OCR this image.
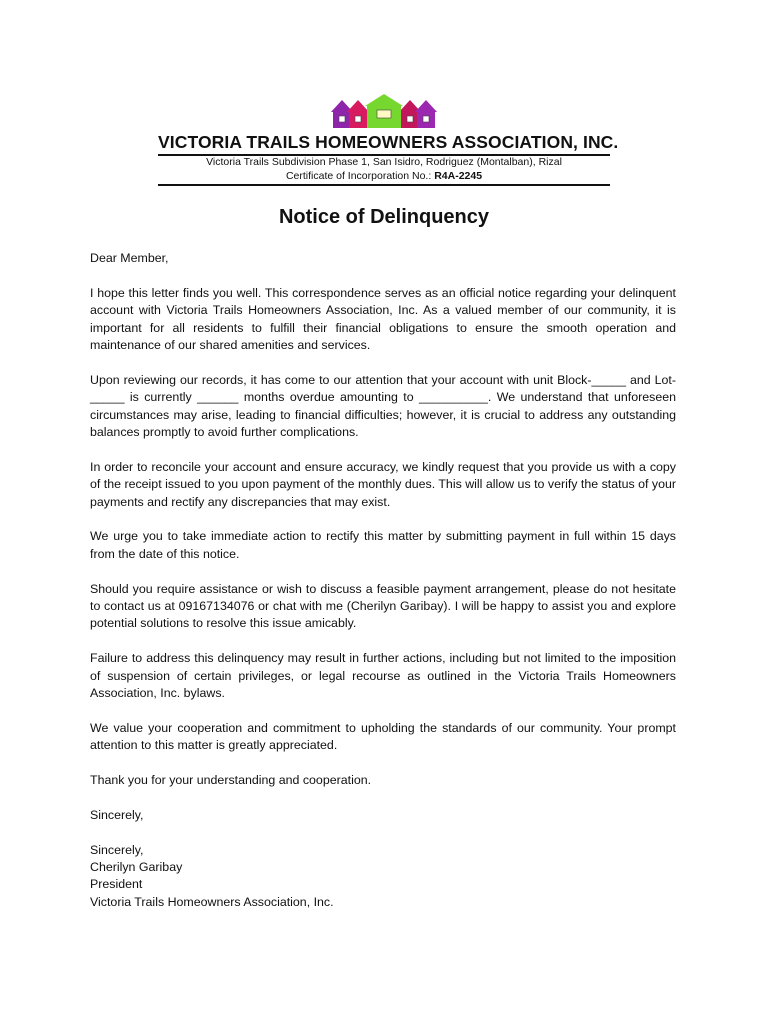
VICTORIA TRAILS HOMEOWNERS ASSOCIATION, INC.
Victoria Trails Subdivision Phase 1, San Isidro, Rodriguez (Montalban), Rizal
Certificate of Incorporation No.: R4A-2245
Notice of Delinquency

Dear Member,

I hope this letter finds you well. This correspondence serves as an official notice regarding your delinquent account with Victoria Trails Homeowners Association, Inc. As a valued member of our community, it is important for all residents to fulfill their financial obligations to ensure the smooth operation and maintenance of our shared amenities and services.

Upon reviewing our records, it has come to our attention that your account with unit Block-_____ and Lot-_____ is currently ______ months overdue amounting to __________. We understand that unforeseen circumstances may arise, leading to financial difficulties; however, it is crucial to address any outstanding balances promptly to avoid further complications.

In order to reconcile your account and ensure accuracy, we kindly request that you provide us with a copy of the receipt issued to you upon payment of the monthly dues. This will allow us to verify the status of your payments and rectify any discrepancies that may exist.

We urge you to take immediate action to rectify this matter by submitting payment in full within 15 days from the date of this notice.

Should you require assistance or wish to discuss a feasible payment arrangement, please do not hesitate to contact us at 09167134076 or chat with me (Cherilyn Garibay). I will be happy to assist you and explore potential solutions to resolve this issue amicably.

Failure to address this delinquency may result in further actions, including but not limited to the imposition of suspension of certain privileges, or legal recourse as outlined in the Victoria Trails Homeowners Association, Inc. bylaws.

We value your cooperation and commitment to upholding the standards of our community. Your prompt attention to this matter is greatly appreciated.

Thank you for your understanding and cooperation.

Sincerely,

Sincerely,
Cherilyn Garibay
President
Victoria Trails Homeowners Association, Inc.
